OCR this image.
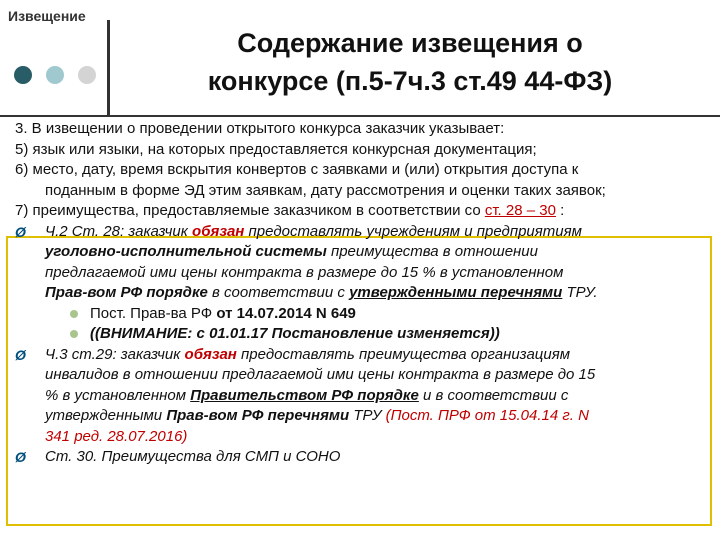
Извещение
Содержание извещения о
конкурсе (п.5-7ч.3 ст.49 44-ФЗ)
3. В извещении о проведении открытого конкурса заказчик указывает:
5) язык или языки, на которых предоставляется конкурсная документация;
6) место, дату, время вскрытия конвертов с заявками и (или) открытия доступа к
поданным в форме ЭД этим заявкам, дату рассмотрения и оценки таких заявок;
7) преимущества, предоставляемые заказчиком в соответствии со ст. 28 – 30 :
Ø Ч.2 Ст. 28: заказчик обязан предоставлять учреждениям и предприятиям
уголовно-исполнительной системы преимущества в отношении
предлагаемой ими цены контракта в размере до 15 % в установленном
Прав-вом РФ порядке в соответствии с утвержденными перечнями ТРУ.
Пост. Прав-ва РФ от 14.07.2014 N 649
((ВНИМАНИЕ: с 01.01.17 Постановление изменяется))
Ø Ч.3 ст.29: заказчик обязан предоставлять преимущества организациям
инвалидов в отношении предлагаемой ими цены контракта в размере до 15
% в установленном Правительством РФ порядке и в соответствии с
утвержденными Прав-вом РФ перечнями ТРУ (Пост. ПРФ от 15.04.14 г. N
341 ред. 28.07.2016)
Ø Ст. 30. Преимущества для СМП и СОНО
